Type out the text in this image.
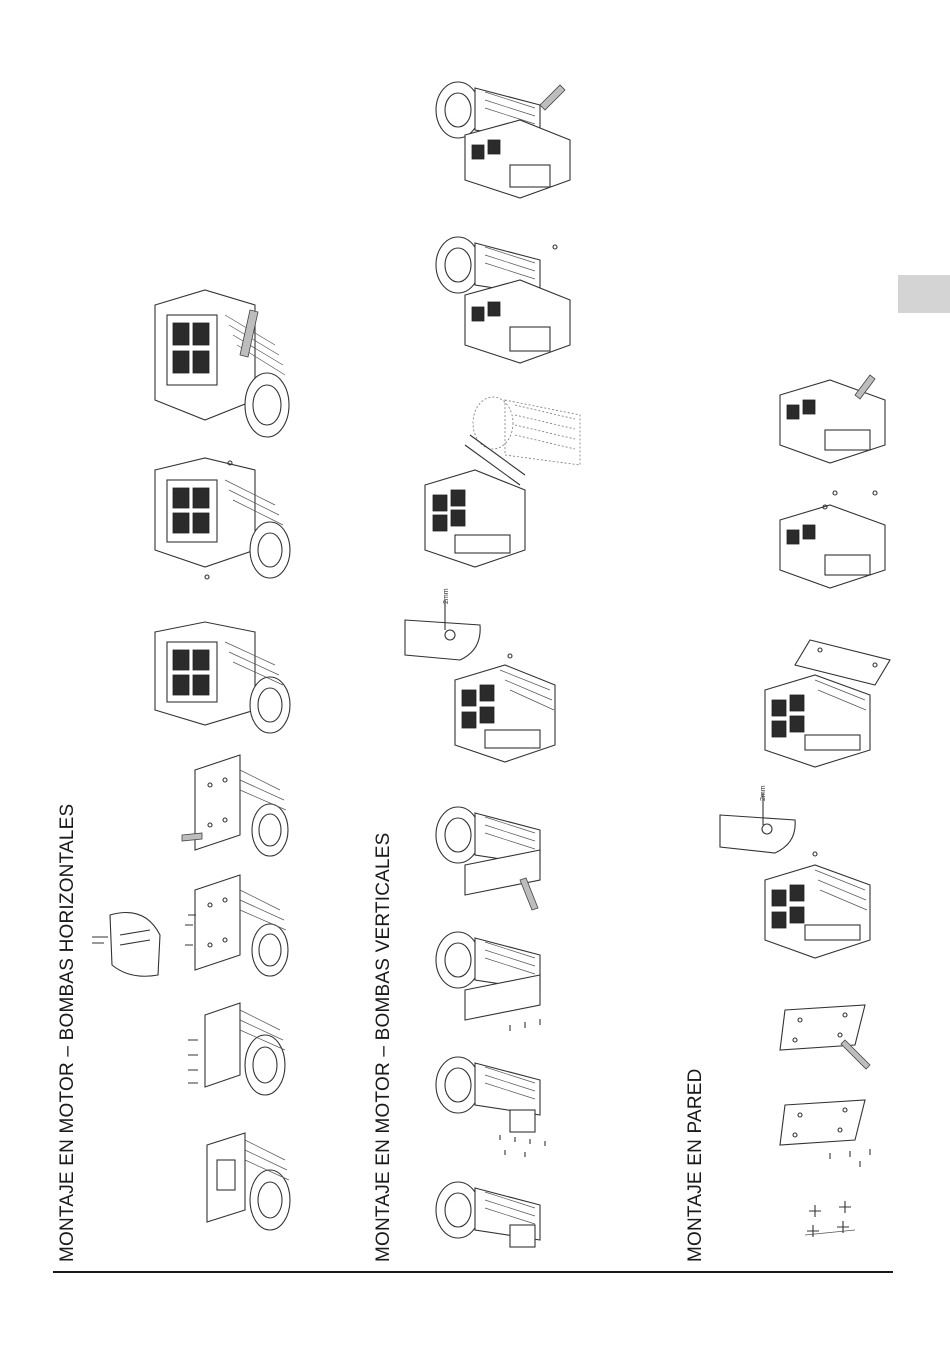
MONTAJE EN MOTOR – BOMBAS HORIZONTALES	MONTAJE EN MOTOR – BOMBAS VERTICALES	MONTAJE EN PARED
2mm
2mm
